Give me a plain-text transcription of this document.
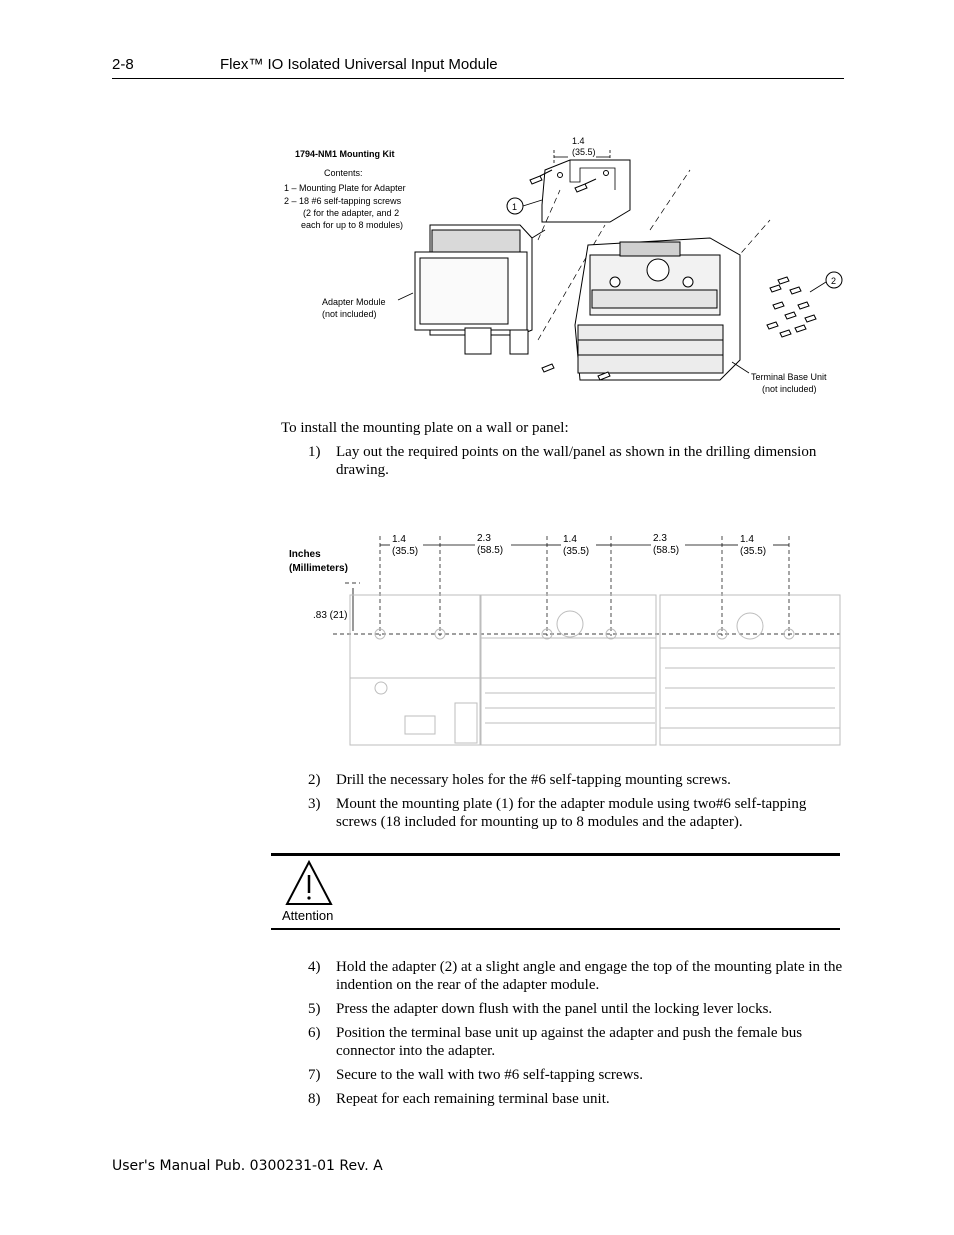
2-8	Flex™ IO Isolated Universal Input Module
1794-NM1 Mounting Kit
Contents:
1 – Mounting Plate for Adapter
2 – 18 #6 self-tapping screws
(2 for the adapter, and 2
each for up to 8 modules)
1.4
(35.5)
Adapter Module
(not included)
Terminal Base Unit
(not included)
1
2
To install the mounting plate on a wall or panel:
1) Lay out the required points on the wall/panel as shown in the drilling dimension drawing.
Inches
(Millimeters)
1.4
(35.5)
2.3
(58.5)
1.4
(35.5)
2.3
(58.5)
1.4
(35.5)
.83 (21)
2) Drill the necessary holes for the #6 self-tapping mounting screws.
3) Mount the mounting plate (1) for the adapter module using two#6 self-tapping screws (18 included for mounting up to 8 modules and the adapter).
Attention
4) Hold the adapter (2) at a slight angle and engage the top of the mounting plate in the indention on the rear of the adapter module.
5) Press the adapter down flush with the panel until the locking lever locks.
6) Position the terminal base unit up against the adapter and push the female bus connector into the adapter.
7) Secure to the wall with two #6 self-tapping screws.
8) Repeat for each remaining terminal base unit.
User's Manual Pub. 0300231-01 Rev. A
